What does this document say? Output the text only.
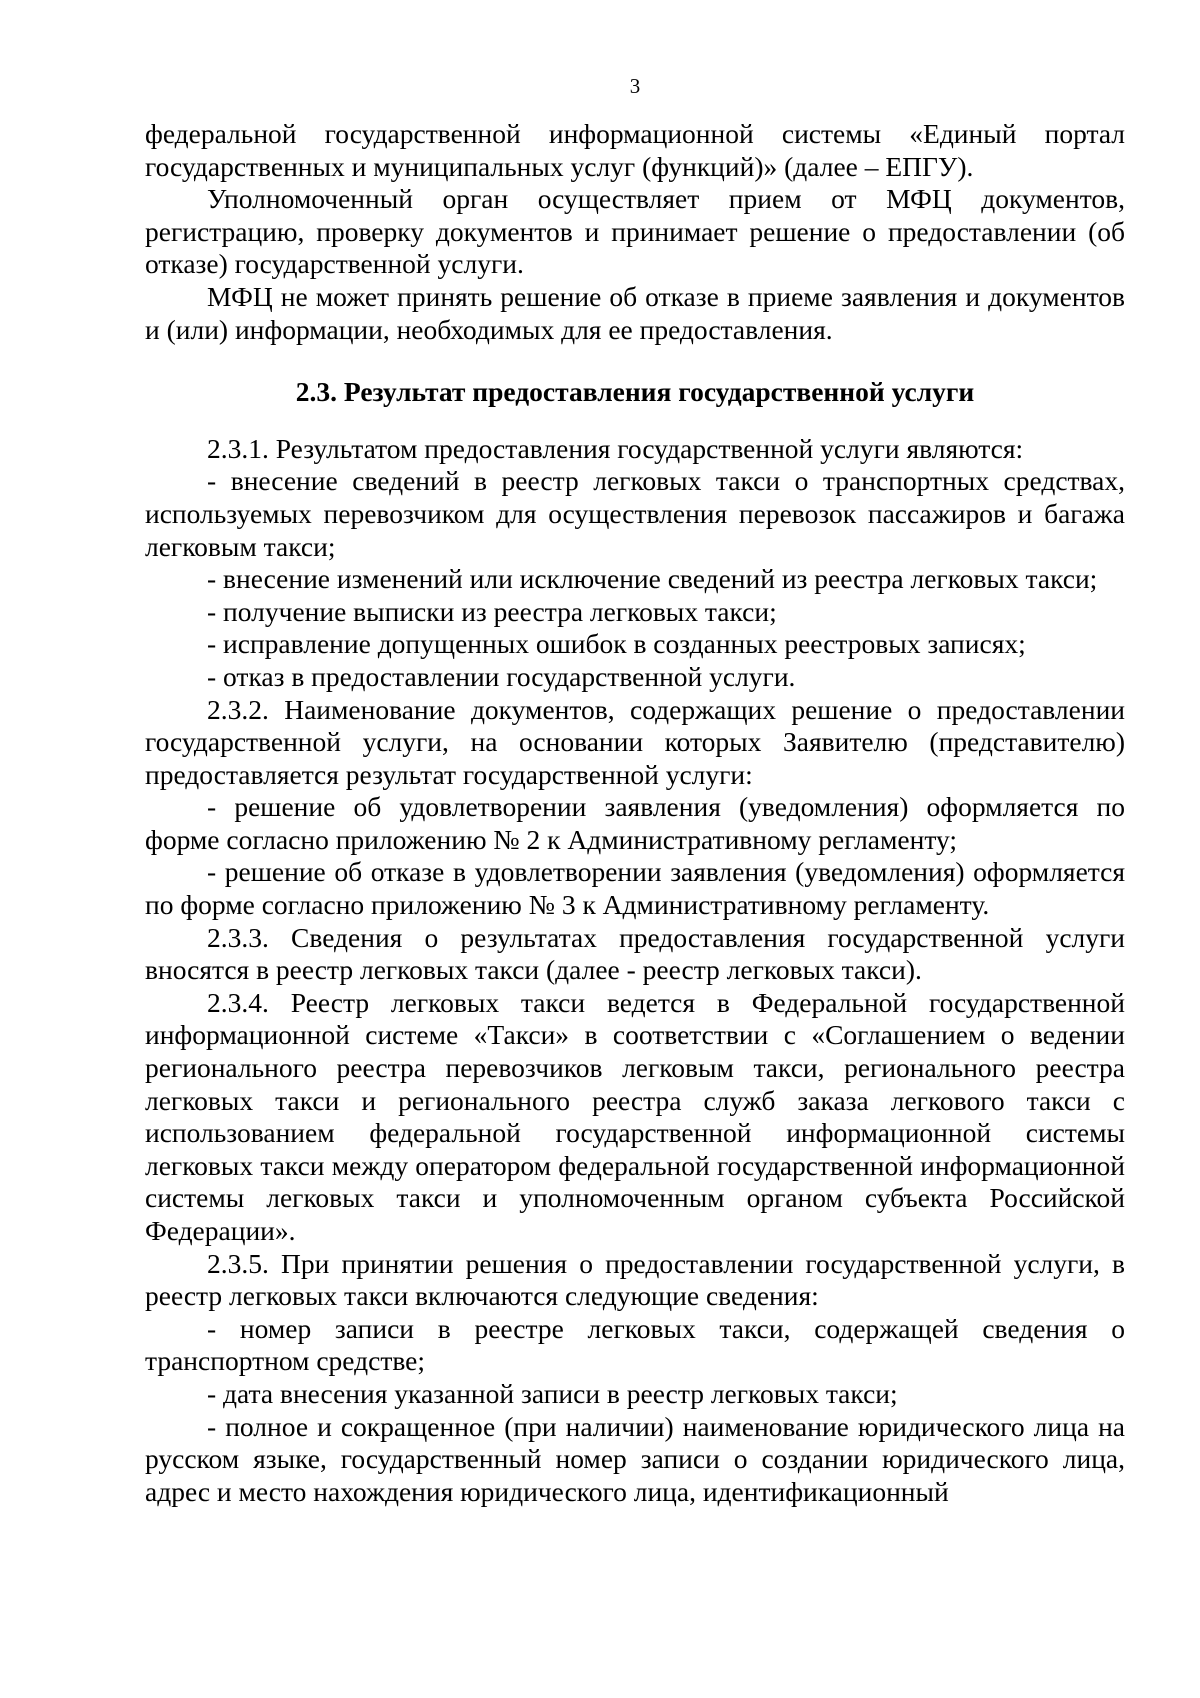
3

федеральной государственной информационной системы «Единый портал государственных и муниципальных услуг (функций)» (далее – ЕПГУ).

Уполномоченный орган осуществляет прием от МФЦ документов, регистрацию, проверку документов и принимает решение о предоставлении (об отказе) государственной услуги.

МФЦ не может принять решение об отказе в приеме заявления и документов и (или) информации, необходимых для ее предоставления.

2.3. Результат предоставления государственной услуги

2.3.1. Результатом предоставления государственной услуги являются:

- внесение сведений в реестр легковых такси о транспортных средствах, используемых перевозчиком для осуществления перевозок пассажиров и багажа легковым такси;

- внесение изменений или исключение сведений из реестра легковых такси;

- получение выписки из реестра легковых такси;

- исправление допущенных ошибок в созданных реестровых записях;

- отказ в предоставлении государственной услуги.

2.3.2. Наименование документов, содержащих решение о предоставлении государственной услуги, на основании которых Заявителю (представителю) предоставляется результат государственной услуги:

- решение об удовлетворении заявления (уведомления) оформляется по форме согласно приложению № 2 к Административному регламенту;

- решение об отказе в удовлетворении заявления (уведомления) оформляется по форме согласно приложению № 3 к Административному регламенту.

2.3.3. Сведения о результатах предоставления государственной услуги вносятся в реестр легковых такси (далее - реестр легковых такси).

2.3.4. Реестр легковых такси ведется в Федеральной государственной информационной системе «Такси» в соответствии с «Соглашением о ведении регионального реестра перевозчиков легковым такси, регионального реестра легковых такси и регионального реестра служб заказа легкового такси с использованием федеральной государственной информационной системы легковых такси между оператором федеральной государственной информационной системы легковых такси и уполномоченным органом субъекта Российской Федерации».

2.3.5. При принятии решения о предоставлении государственной услуги, в реестр легковых такси включаются следующие сведения:

- номер записи в реестре легковых такси, содержащей сведения о транспортном средстве;

- дата внесения указанной записи в реестр легковых такси;

- полное и сокращенное (при наличии) наименование юридического лица на русском языке, государственный номер записи о создании юридического лица, адрес и место нахождения юридического лица, идентификационный
